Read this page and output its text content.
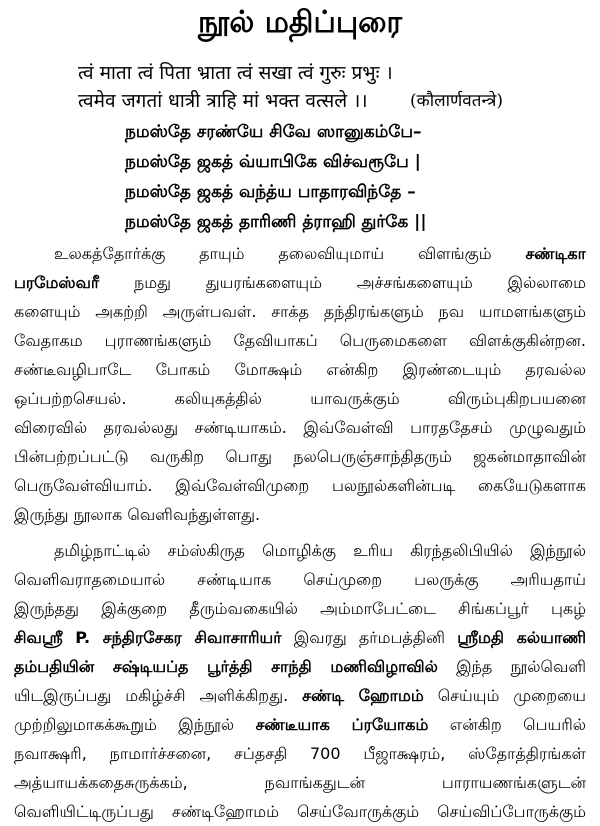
நூல் மதிப்புரை
त्वं माता त्वं पिता भ्राता त्वं सखा त्वं गुरुः प्रभुः ।
त्वमेव जगतां धात्री त्राहि मां भक्त वत्सले ।। (कौलार्णवतन्त्रे)
நமஸ்தே சரண்யே சிவே ஸானுகம்பே–
நமஸ்தே ஜகத் வ்யாபிகே விச்வரூபே |
நமஸ்தே ஜகத் வந்த்ய பாதாரவிந்தே –
நமஸ்தே ஜகத் தாரிணி த்ராஹி துர்கே ||
உலகத்தோர்க்கு தாயும் தலைவியுமாய் விளங்கும் சண்டிகா
பரமேஸ்வரீ நமது துயரங்களையும் அச்சங்களையும் இல்லாமை
களையும் அகற்றி அருள்பவள். சாக்த தந்திரங்களும் நவ யாமளங்களும்
வேதாகம புராணங்களும் தேவியாகப் பெருமைகளை விளக்குகின்றன.
சண்டீவழிபாடே போகம் மோக்ஷம் என்கிற இரண்டையும் தரவல்ல
ஒப்பற்றசெயல். கலியுகத்தில் யாவருக்கும் விரும்புகிறபயனை
விரைவில் தரவல்லது சண்டியாகம். இவ்வேள்வி பாரததேசம் முழுவதும்
பின்பற்றப்பட்டு வருகிற பொது நலபெருஞ்சாந்திதரும் ஜகன்மாதாவின்
பெருவேள்வியாம். இவ்வேள்விமுறை பலநூல்களின்படி கையேடுகளாக
இருந்து நூலாக வெளிவந்துள்ளது.
தமிழ்நாட்டில் சம்ஸ்கிருத மொழிக்கு உரிய கிரந்தலிபியில் இந்நூல்
வெளிவராதமையால் சண்டியாக செய்முறை பலருக்கு அரியதாய்
இருந்தது இக்குறை தீரும்வகையில் அம்மாபேட்டை சிங்கப்பூர் புகழ்
சிவஸ்ரீ P. சந்திரசேகர சிவாசாரியர் இவரது தர்மபத்தினி ஸ்ரீமதி கல்யாணி
தம்பதியின் சஷ்டியப்த பூர்த்தி சாந்தி மணிவிழாவில் இந்த நூல்வெளி
யிடஇருப்பது மகிழ்ச்சி அளிக்கிறது. சண்டி ஹோமம் செய்யும் முறையை
முற்றிலுமாகக்கூறும் இந்நூல் சண்டீயாக ப்ரயோகம் என்கிற பெயரில்
நவாக்ஷரி, நாமார்ச்சனை, சப்தசதி 700 பீஜாக்ஷரம், ஸ்தோத்திரங்கள்
அத்யாயக்கதைசுருக்கம், நவாங்கதுடன் பாராயணங்களுடன்
வெளியிட்டிருப்பது சண்டிஹோமம் செய்வோருக்கும் செய்விப்போருக்கும்
